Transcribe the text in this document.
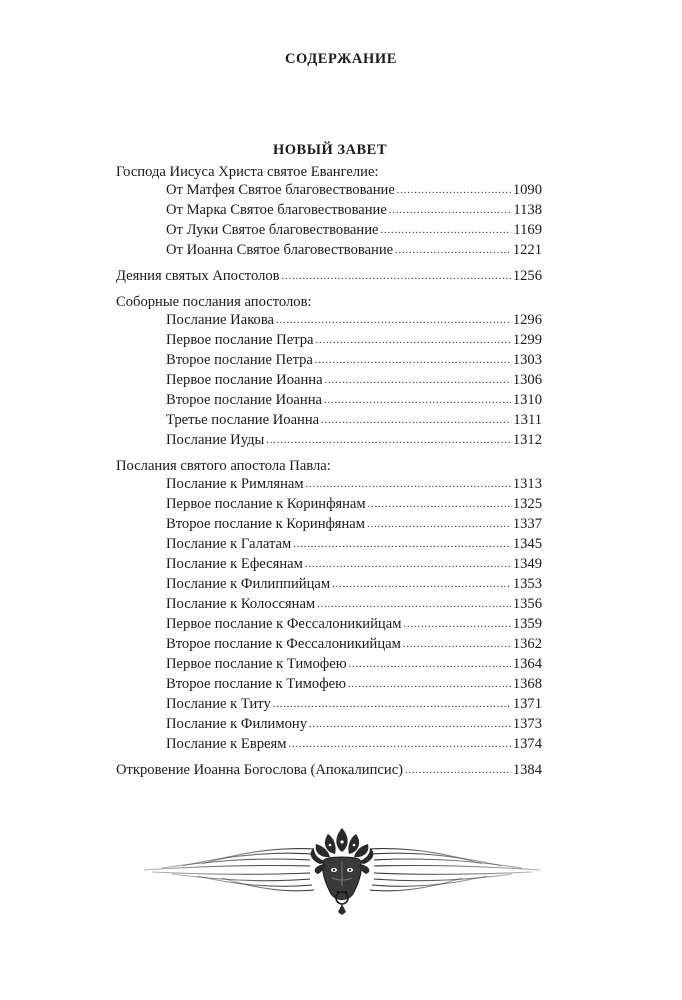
СОДЕРЖАНИЕ
НОВЫЙ ЗАВЕТ
Господа Иисуса Христа святое Евангелие:
От Матфея Святое благовествование .....	1090
От Марка Святое благовествование .....	1138
От Луки Святое благовествование .....	1169
От Иоанна Святое благовествование .....	1221
Деяния святых Апостолов .....	1256
Соборные послания апостолов:
Послание Иакова .....	1296
Первое послание Петра .....	1299
Второе послание Петра .....	1303
Первое послание Иоанна .....	1306
Второе послание Иоанна .....	1310
Третье послание Иоанна .....	1311
Послание Иуды .....	1312
Послания святого апостола Павла:
Послание к Римлянам .....	1313
Первое послание к Коринфянам .....	1325
Второе послание к Коринфянам .....	1337
Послание к Галатам .....	1345
Послание к Ефесянам .....	1349
Послание к Филиппийцам .....	1353
Послание к Колоссянам .....	1356
Первое послание к Фессалоникийцам .....	1359
Второе послание к Фессалоникийцам .....	1362
Первое послание к Тимофею .....	1364
Второе послание к Тимофею .....	1368
Послание к Титу .....	1371
Послание к Филимону .....	1373
Послание к Евреям .....	1374
Откровение Иоанна Богослова (Апокалипсис) .....	1384
